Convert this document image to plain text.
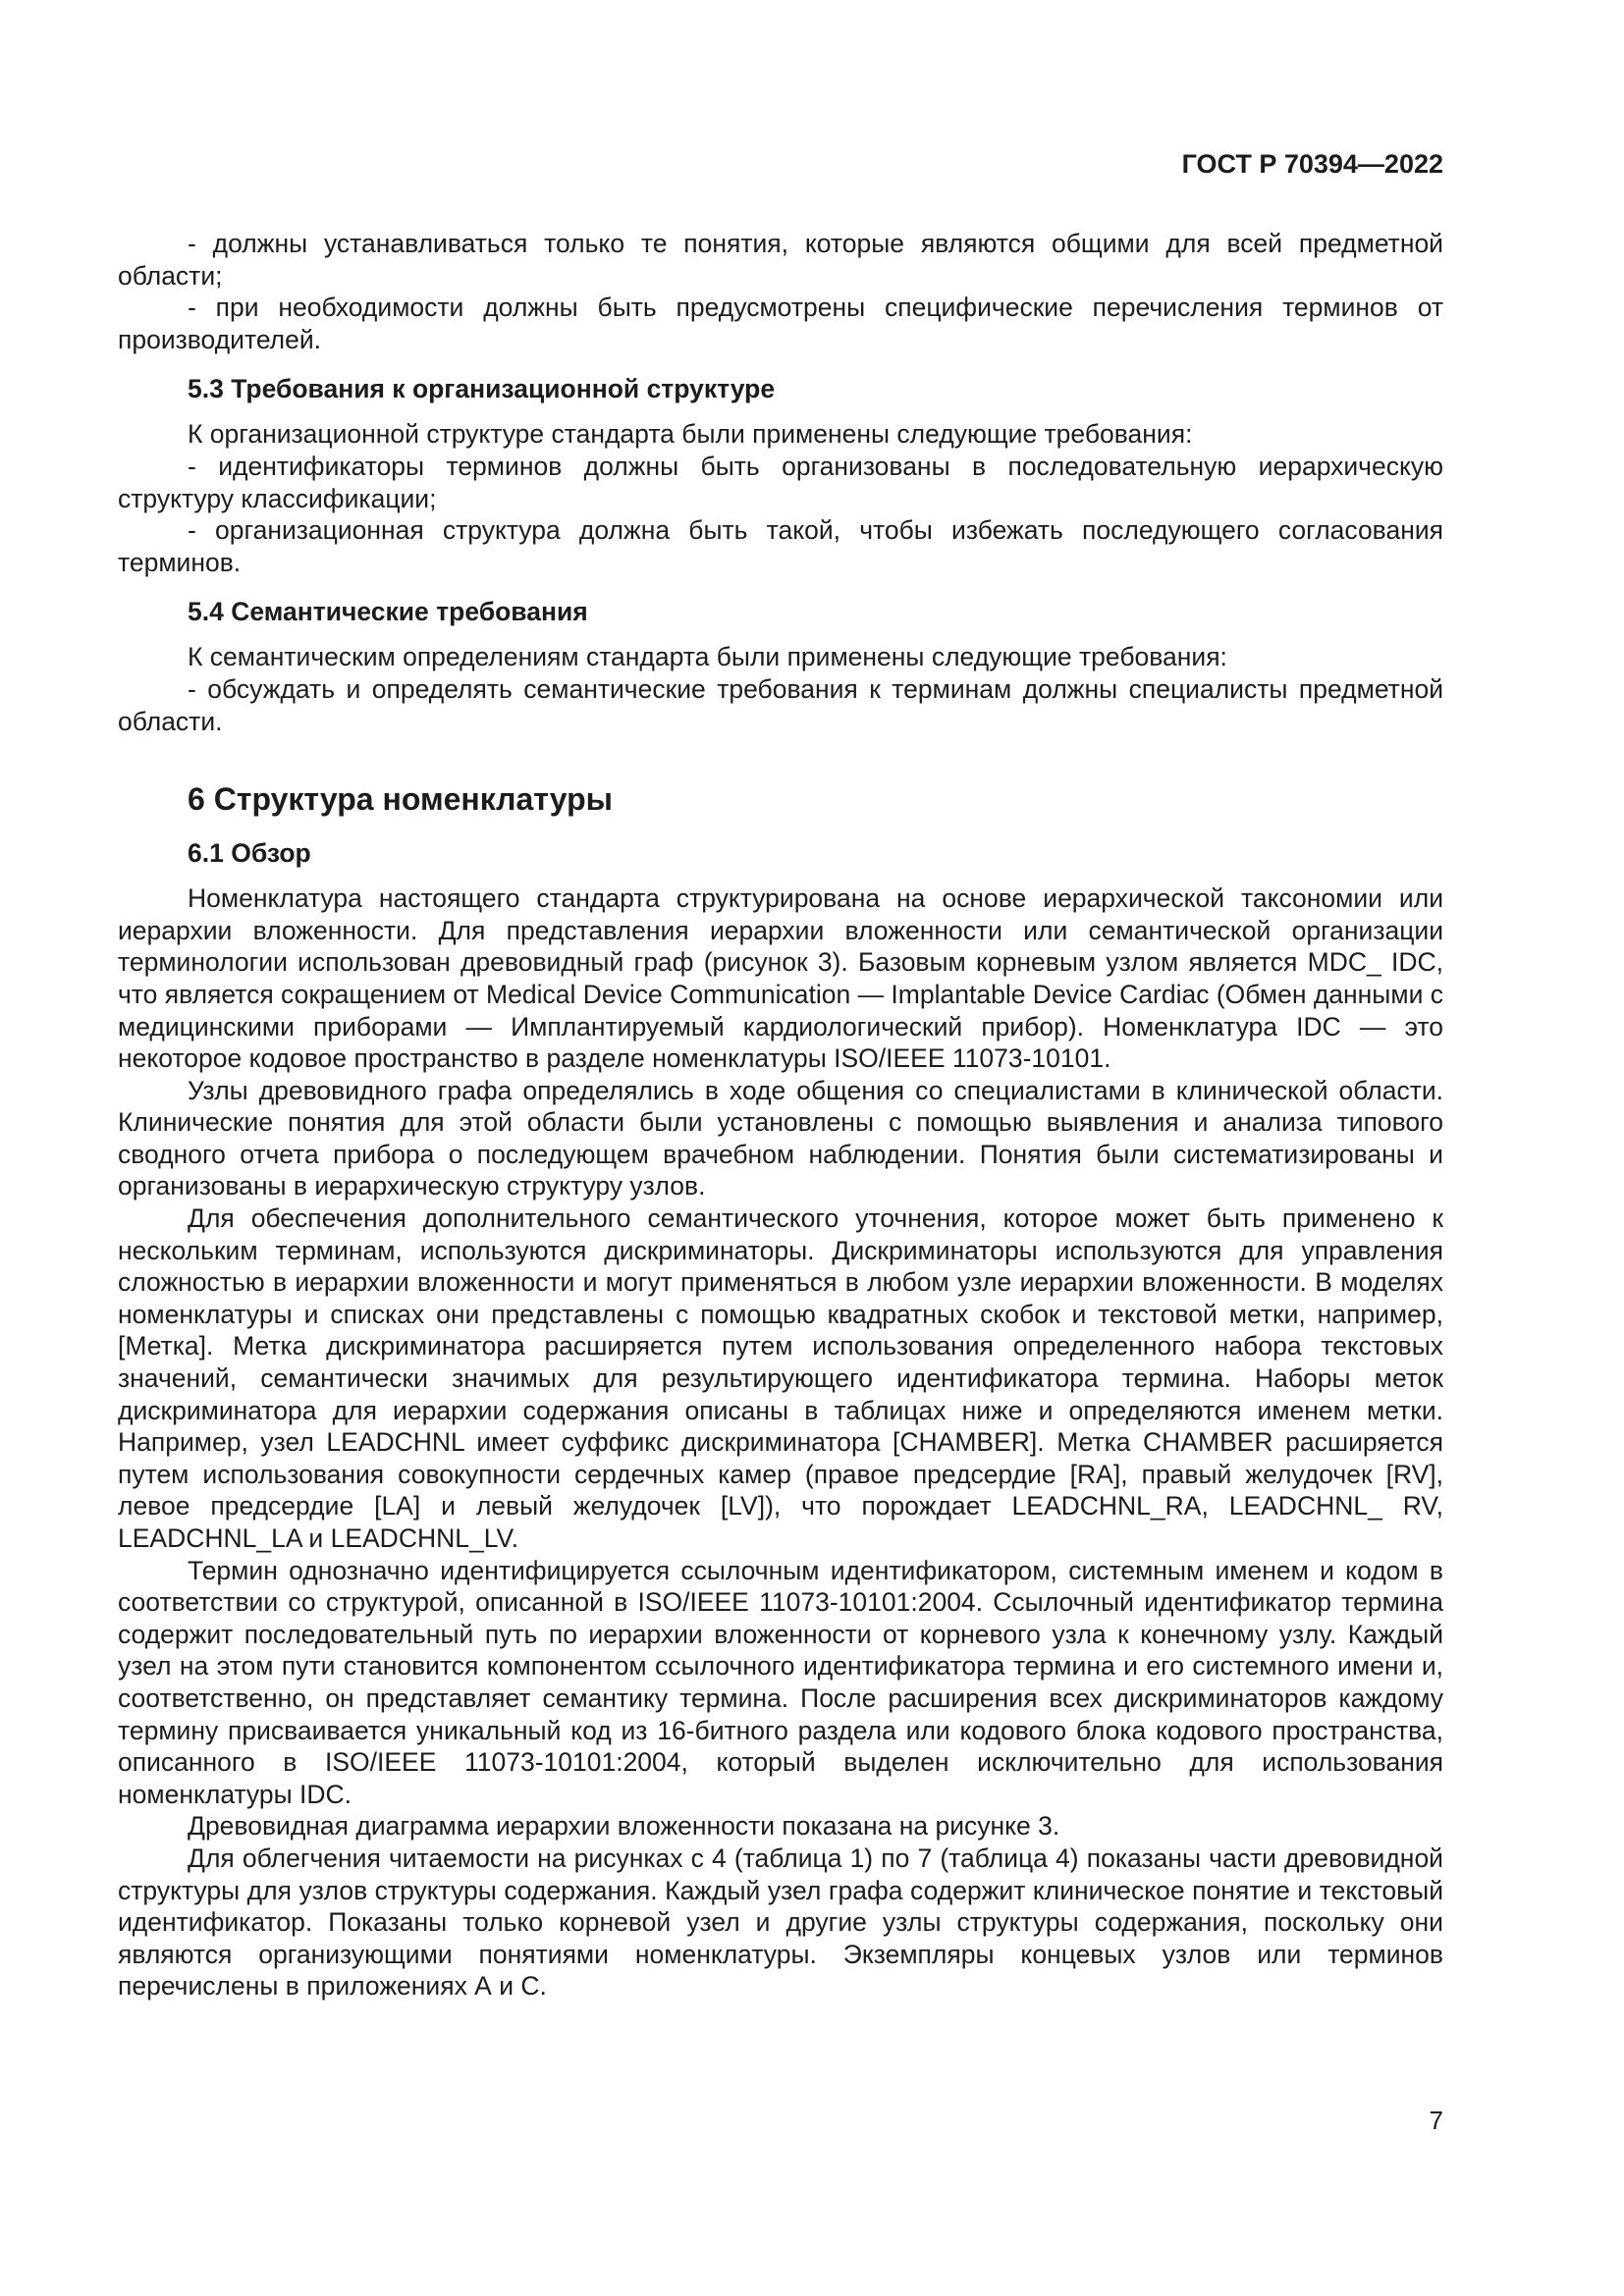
ГОСТ Р 70394—2022

- должны устанавливаться только те понятия, которые являются общими для всей предметной области;

- при необходимости должны быть предусмотрены специфические перечисления терминов от производителей.

5.3 Требования к организационной структуре

К организационной структуре стандарта были применены следующие требования:

- идентификаторы терминов должны быть организованы в последовательную иерархическую структуру классификации;

- организационная структура должна быть такой, чтобы избежать последующего согласования терминов.

5.4 Семантические требования

К семантическим определениям стандарта были применены следующие требования:

- обсуждать и определять семантические требования к терминам должны специалисты предметной области.

6 Структура номенклатуры
6.1 Обзор

Номенклатура настоящего стандарта структурирована на основе иерархической таксономии или иерархии вложенности. Для представления иерархии вложенности или семантической организации терминологии использован древовидный граф (рисунок 3). Базовым корневым узлом является MDC_ IDC, что является сокращением от Medical Device Communication — Implantable Device Cardiac (Обмен данными с медицинскими приборами — Имплантируемый кардиологический прибор). Номенклатура IDC — это некоторое кодовое пространство в разделе номенклатуры ISO/IEEE 11073-10101.

Узлы древовидного графа определялись в ходе общения со специалистами в клинической области. Клинические понятия для этой области были установлены с помощью выявления и анализа типового сводного отчета прибора о последующем врачебном наблюдении. Понятия были систематизированы и организованы в иерархическую структуру узлов.

Для обеспечения дополнительного семантического уточнения, которое может быть применено к нескольким терминам, используются дискриминаторы. Дискриминаторы используются для управления сложностью в иерархии вложенности и могут применяться в любом узле иерархии вложенности. В моделях номенклатуры и списках они представлены с помощью квадратных скобок и текстовой метки, например, [Метка]. Метка дискриминатора расширяется путем использования определенного набора текстовых значений, семантически значимых для результирующего идентификатора термина. Наборы меток дискриминатора для иерархии содержания описаны в таблицах ниже и определяются именем метки. Например, узел LEADCHNL имеет суффикс дискриминатора [CHAMBER]. Метка CHAMBER расширяется путем использования совокупности сердечных камер (правое предсердие [RA], правый желудочек [RV], левое предсердие [LA] и левый желудочек [LV]), что порождает LEADCHNL_RA, LEADCHNL_ RV, LEADCHNL_LA и LEADCHNL_LV.

Термин однозначно идентифицируется ссылочным идентификатором, системным именем и кодом в соответствии со структурой, описанной в ISO/IEEE 11073-10101:2004. Ссылочный идентификатор термина содержит последовательный путь по иерархии вложенности от корневого узла к конечному узлу. Каждый узел на этом пути становится компонентом ссылочного идентификатора термина и его системного имени и, соответственно, он представляет семантику термина. После расширения всех дискриминаторов каждому термину присваивается уникальный код из 16-битного раздела или кодового блока кодового пространства, описанного в ISO/IEEE 11073-10101:2004, который выделен исключительно для использования номенклатуры IDC.

Древовидная диаграмма иерархии вложенности показана на рисунке 3.

Для облегчения читаемости на рисунках с 4 (таблица 1) по 7 (таблица 4) показаны части древовидной структуры для узлов структуры содержания. Каждый узел графа содержит клиническое понятие и текстовый идентификатор. Показаны только корневой узел и другие узлы структуры содержания, поскольку они являются организующими понятиями номенклатуры. Экземпляры концевых узлов или терминов перечислены в приложениях А и С.

7
